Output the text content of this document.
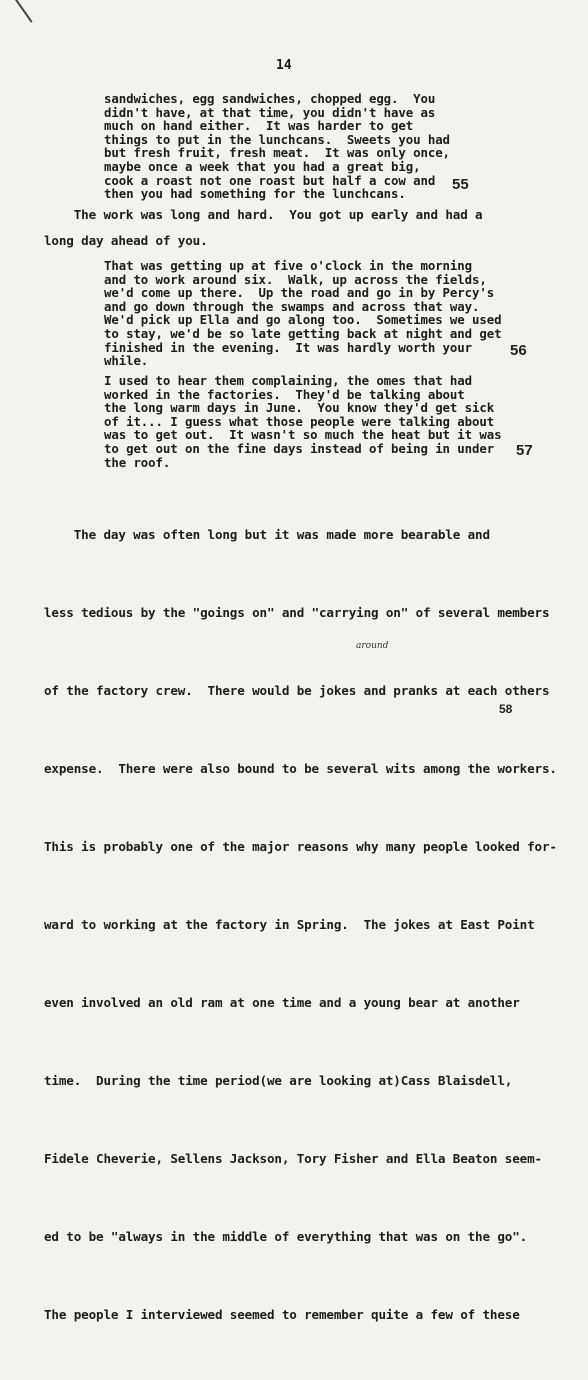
14
sandwiches, egg sandwiches, chopped egg.  You
didn't have, at that time, you didn't have as
much on hand either.  It was harder to get
things to put in the lunchcans.  Sweets you had
but fresh fruit, fresh meat.  It was only once,
maybe once a week that you had a great big,
cook a roast not one roast but half a cow and
then you had something for the lunchcans.
55
The work was long and hard.  You got up early and had a
long day ahead of you.
That was getting up at five o'clock in the morning
and to work around six.  Walk, up across the fields,
we'd come up there.  Up the road and go in by Percy's
and go down through the swamps and across that way.
We'd pick up Ella and go along too.  Sometimes we used
to stay, we'd be so late getting back at night and get
finished in the evening.  It was hardly worth your
while.
56
I used to hear them complaining, the omes that had
worked in the factories.  They'd be talking about
the long warm days in June.  You know they'd get sick
of it... I guess what those people were talking about
was to get out.  It wasn't so much the heat but it was
to get out on the fine days instead of being in under
the roof.
57

The day was often long but it was made more bearable and

less tedious by the "goings on" and "carrying on" of several members

of the factory crew.  There would be jokes and pranks at each others

expense.  There were also bound to be several wits among the workers.

This is probably one of the major reasons why many people looked for-

ward to working at the factory in Spring.  The jokes at East Point

even involved an old ram at one time and a young bear at another

time.  During the time period(we are looking at)Cass Blaisdell,

Fidele Cheverie, Sellens Jackson, Tory Fisher and Ella Beaton seem-

ed to be "always in the middle of everything that was on the go".

The people I interviewed seemed to remember quite a few of these

58
around
